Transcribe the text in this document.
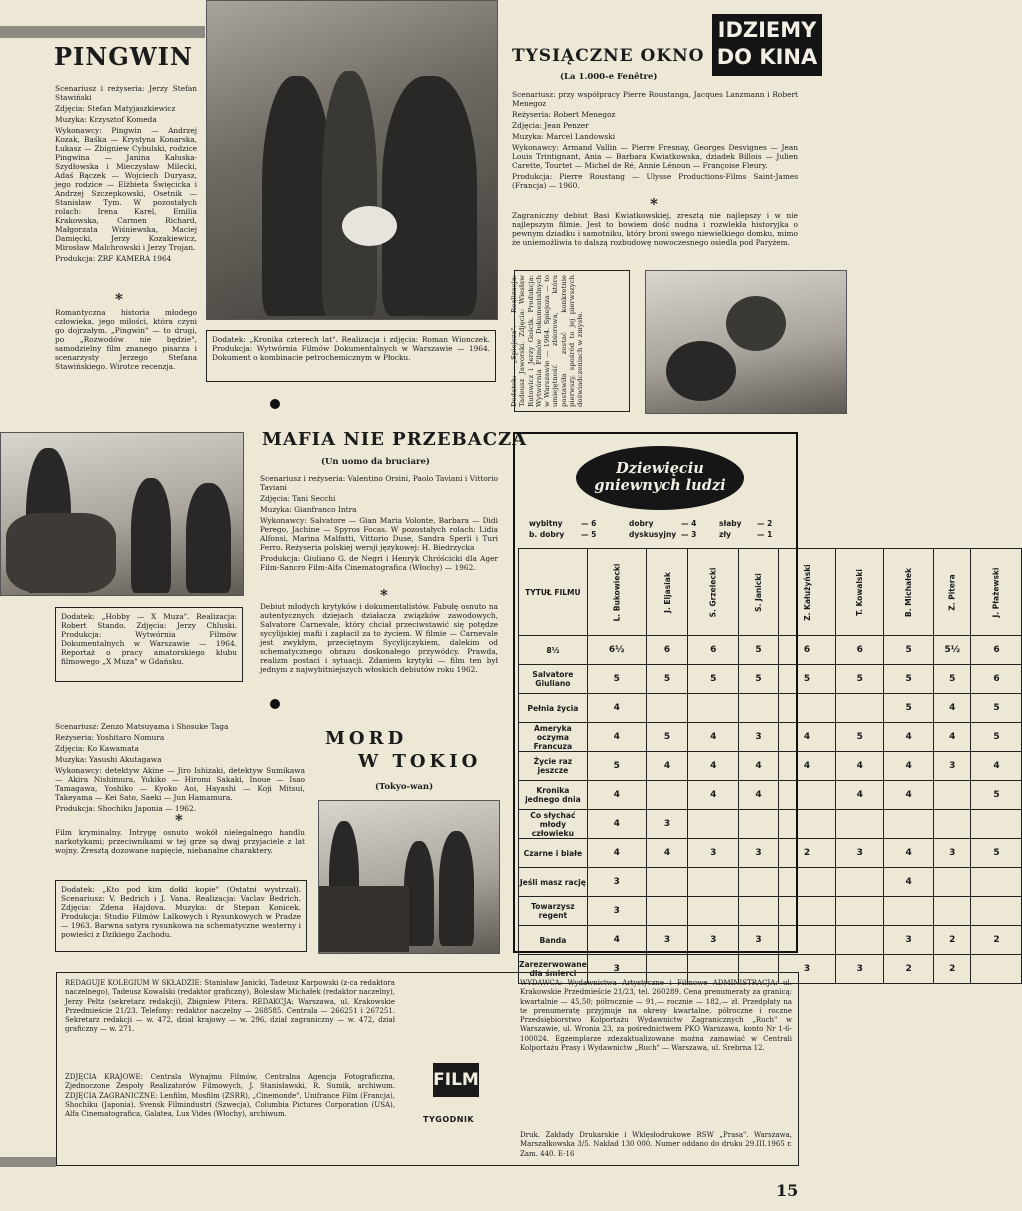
PINGWIN

Scenariusz i reżyseria: Jerzy Stefan Stawiński

Zdjęcia: Stefan Matyjaszkiewicz

Muzyka: Krzysztof Komeda

Wykonawcy: Pingwin — Andrzej Kozak, Baśka — Krystyna Konarska, Łukasz — Zbigniew Cybulski, rodzice Pingwina — Janina Kałuska-Szydłowska i Mieczysław Milecki, Adaś Bączek — Wojciech Duryasz, jego rodzice — Elżbieta Święcicka i Andrzej Szczepkowski, Osetnik — Stanisław Tym. W pozostałych rolach: Irena Karel, Emilia Krakowska, Carmen Richard, Małgorzata Wiśniewska, Maciej Damięcki, Jerzy Kozakiewicz, Mirosław Malchrowski i Jerzy Trojan.

Produkcja: ZRF KAMERA 1964

*
Romantyczna historia młodego człowieka, jego miłości, która czyni go dojrzałym. „Pingwin" — to drugi, po „Rozwodów nie będzie", samodzielny film znanego pisarza i scenarzysty Jerzego Stefana Stawińskiego. Wirotce recenzja.
Dodatek: „Kronika czterech lat". Realizacja i zdjęcia: Roman Wionczek. Produkcja: Wytwórnia Filmów Dokumentalnych w Warszawie — 1964. Dokument o kombinacie petrochemicznym w Płocku.
IDZIEMY
DO KINA
TYSIĄCZNE OKNO
(La 1.000-e Fenêtre)

Scenariusz: przy współpracy Pierre Roustanga, Jacques Lanzmann i Robert Menegoz

Reżyseria: Robert Menegoz

Zdjęcia: Jean Penzer

Muzyka: Marcel Landowski

Wykonawcy: Armand Vallin — Pierre Fresnay, Georges Desvignes — Jean Louis Trintignant, Ania — Barbara Kwiatkowska, dziadek Billois — Julien Carette, Tourtet — Michel de Ré, Annie Lénoun — Françoise Fleury.

Produkcja: Pierre Roustang — Ulysse Productions-Films Saint-James (Francja) — 1960.

*
Zagraniczny debiut Basi Kwiatkowskiej, zresztą nie najlepszy i w nie najlepszym filmie. Jest to bowiem dość nudna i rozwlekła historyjka o pewnym dziadku i samotniku, który broni swego niewielkiego domku, mimo że uniemożliwia to dalszą rozbudowę nowoczesnego osiedla pod Paryżem.
Dodatek: „Spiejoza". Realizacja: Tadeusz Jaworski. Zdjęcia: Wiesław Rutowicz i Jerzy Gościk. Produkcja: Wytwórnia Filmów Dokumentalnych w Warszawie — 1964. Spiejoza — to umiejętność zbiorowa, która postawiła zostać konkretnie pierwszy, spośród to jej pierwszych doświadczeniach w zmysłe.
Dodatek: „Hobby — X Muza". Realizacja: Robert Stando. Zdjęcia: Jerzy Chluski. Produkcja: Wytwórnia Filmów Dokumentalnych w Warszawie — 1964. Reportaż o pracy amatorskiego klubu filmowego „X Muza" w Gdańsku.
MAFIA NIE PRZEBACZA
(Un uomo da bruciare)

Scenariusz i reżyseria: Valentino Orsini, Paolo Taviani i Vittorio Taviani

Zdjęcia: Tani Secchi

Muzyka: Gianfranco Intra

Wykonawcy: Salvatore — Gian Maria Volonte, Barbara — Didi Perego, Jachine — Spyros Focas. W pozostałych rolach: Lidia Alfonsi, Marina Malfatti, Vittorio Duse, Sandra Sperli i Turi Ferro. Reżyseria polskiej wersji językowej: H. Biedrzycka

Produkcja: Giuliano G. de Negri i Henryk Chróścicki dla Ager Film-Sancro Film-Alfa Cinematografica (Włochy) — 1962.

*
Debiut młodych krytyków i dokumentalistów. Fabułę osnuto na autentycznych dziejach działacza związków zawodowych, Salvatore Carnevale, który chciał przeciwstawić się potędze sycylijskiej mafii i zapłacił za to życiem. W filmie — Carnevale jest zwykłym, przeciętnym Sycylijczykiem, dalekim od schematycznego obrazu doskonałego przywódcy. Prawda, realizm postaci i sytuacji. Zdaniem krytyki — film ten był jednym z najwybitniejszych włoskich debiutów roku 1962.

Scenariusz: Zenzo Matsuyama i Shosuke Taga

Reżyseria: Yoshitaro Nomura

Zdjęcia: Ko Kawamata

Muzyka: Yasushi Akutagawa

Wykonawcy: detektyw Akine — Jiro Ishizaki, detektyw Sumikawa — Akira Nishimura, Yukiko — Hiromi Sakaki, Inoue — Isao Tamagawa, Yoshiko — Kyoko Aoi, Hayashi — Koji Mitsui, Takeyama — Kei Sato, Saeki — Jun Hamamura.

Produkcja: Shochiku Japonia — 1962.

*
Film kryminalny. Intrygę osnuto wokół nielegalnego handlu narkotykami; przeciwnikami w tej grze są dwaj przyjaciele z lat wojny. Zresztą dozowane napięcie, niebanalne charaktery.
Dodatek: „Kto pod kim dołki kopie" (Ostatni wystrzał). Scenariusz: V. Bedrich i J. Vana. Realizacja: Vaclav Bedrich. Zdjęcia: Zdena Hajdova. Muzyka: dr Stepan Konicek. Produkcja: Studio Filmów Lalkowych i Rysunkowych w Pradze — 1963. Barwna satyra rysunkowa na schematyczne westerny i powieści z Dzikiego Zachodu.
MORD
W TOKIO
(Tokyo-wan)
Dziewięciu
gniewnych ludzi
wybitny — 6	dobry	— 4	słaby — 2
b. dobry — 5	dyskusyjny — 3	zły	— 1
TYTUŁ FILMU	L. Bukowiecki	J. Eljasiak	S. Grzelecki	S. Janicki	Z. Kałużyński	T. Kowalski	B. Michałek	Z. Pitera	J. Płażewski
8½	6½	6	6	5	6	6	5	5½	6
Salvatore Giuliano	5	5	5	5	5	5	5	5	6
Pełnia życia	4						5	4	5
Ameryka oczyma Francuza	4	5	4	3	4	5	4	4	5
Życie raz jeszcze	5	4	4	4	4	4	4	3	4
Kronika jednego dnia	4		4	4		4	4		5
Co słychać młody człowieku	4	3							
Czarne i białe	4	4	3	3	2	3	4	3	5
Jeśli masz rację	3						4		
Towarzysz regent	3								
Banda	4	3	3	3			3	2	2
Zarezerwowane dla śmierci	3				3	3	2	2	
REDAGUJE KOLEGIUM W SKŁADZIE: Stanisław Janicki, Tadeusz Karpowski (z-ca redaktora naczelnego), Tadeusz Kowalski (redaktor graficzny), Bolesław Michałek (redaktor naczelny), Jerzy Peltz (sekretarz redakcji), Zbigniew Pitera. REDAKCJA: Warszawa, ul. Krakowskie Przedmieście 21/23. Telefony: redaktor naczelny — 268585. Centrala — 266251 i 267251. Sekretarz redakcji — w. 472, dział krajowy — w. 296, dział zagraniczny — w. 472, dział graficzny — w. 271.
ZDJĘCIA KRAJOWE: Centrala Wynajmu Filmów, Centralna Agencja Fotograficzna, Zjednoczone Zespoły Realizatorów Filmowych, J. Stanisławski, R. Sumik, archiwum. ZDJĘCIA ZAGRANICZNE: Lenfilm, Mosfilm (ZSRR), „Cinemonde", Unifrance Film (Francja), Shochiku (Japonia), Svensk Filmindustri (Szwecja), Columbia Pictures Corporation (USA), Alfa Cinematografica, Galatea, Lux Vides (Włochy), archiwum.
FILM
TYGODNIK
WYDAWCA: Wydawnictwa Artystyczne i Filmowe ADMINISTRACJA: ul. Krakowskie Przedmieście 21/23, tel. 260289. Cena prenumeraty za granicą: kwartalnie — 45,50; półrocznie — 91,— rocznie — 182,— zł. Przedpłaty na te prenumeratę przyjmuje na okresy kwartalne, półroczne i roczne Przedsiębiorstwo Kolportażu Wydawnictw Zagranicznych „Ruch" w Warszawie, ul. Wronia 23, za pośrednictwem PKO Warszawa, konto Nr 1-6-100024. Egzemplarze zdezaktualizowane można zamawiać w Centrali Kolportażu Prasy i Wydawnictw „Ruch" — Warszawa, ul. Srebrna 12.
Druk. Zakłady Drukarskie i Wklęsłodrukowe RSW „Prasa". Warszawa, Marszałkowska 3/5. Nakład 130 000. Numer oddano do druku 29.III.1965 r. Zam. 440. E-16
15
